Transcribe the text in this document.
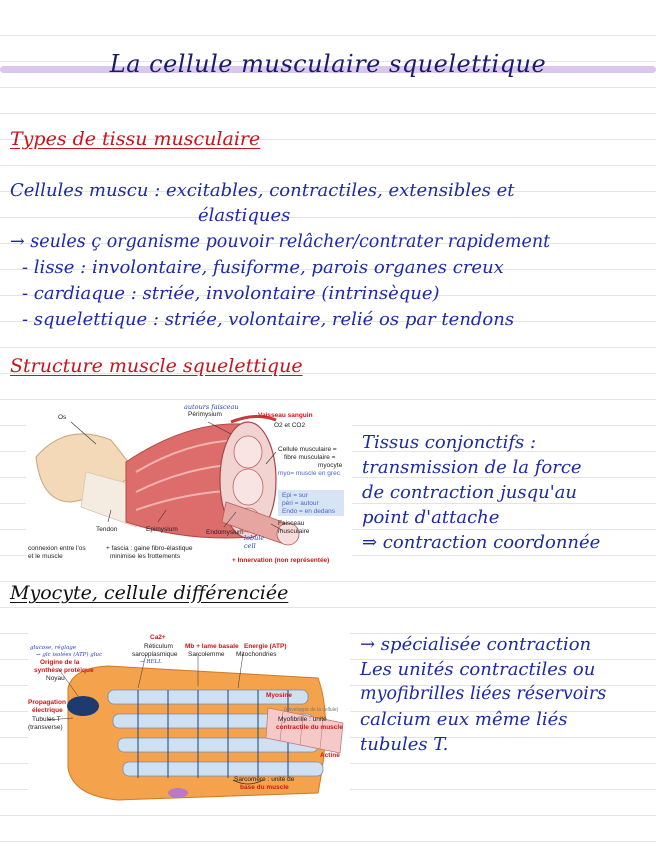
La cellule musculaire squelettique
Types de tissu musculaire
Cellules muscu : excitables, contractiles, extensibles et
élastiques
→ seules ç organisme pouvoir relâcher/contrater rapidement
- lisse : involontaire, fusiforme, parois organes creux
- cardiaque : striée, involontaire (intrinsèque)
- squelettique : striée, volontaire, relié os par tendons
Structure muscle squelettique
Os
autours faisceau
Périmysium	Vaisseau sanguin
O2 et CO2
Cellule musculaire =
fibre musculaire =
myocyte
myo= muscle en grec
Epi = sur
péri = autour
Endo = en dedans
Tendon	Epimysium	Endomysium
lobule
cell
Faisceau
musculaire
connexion entre l'os
et le muscle
+ fascia : gaine fibro-élastique
minimise les frottements
+ Innervation (non représentée)
Tissus conjonctifs :
transmission de la force
de contraction jusqu'au
point d'attache
⇒ contraction coordonnée
Myocyte, cellule différenciée
glucose, réglage
→ glc isolées (ATP) gluc
Origine de la
synthèse protéique
Noyau
Propagation
électrique
Tubules T
(transverse)
Ca2+
Réticulum
sarcoplasmique
→ RELL
Mb + lame basale Energie (ATP)
Sarcolemme Mitochondries
Myosine
(enveloppe de la cellule)
Myofibrille : unité
contractile du muscle
Actine
Sarcomère : unité de
base du muscle
→ spécialisée contraction
Les unités contractiles ou
myofibrilles liées réservoirs
calcium eux même liés
tubules T.
